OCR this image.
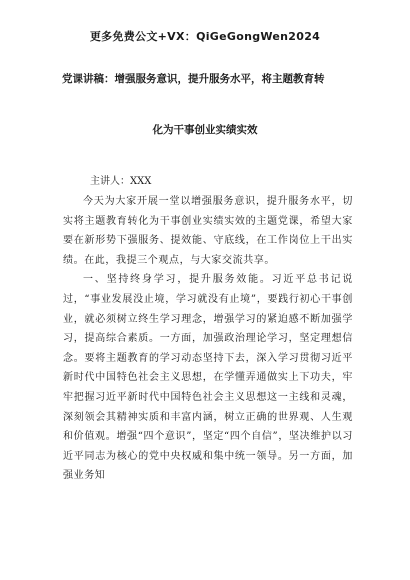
更多免费公文+VX：QiGeGongWen2024
党课讲稿：增强服务意识，提升服务水平，将主题教育转
化为干事创业实绩实效
主讲人：XXX

今天为大家开展一堂以增强服务意识，提升服务水平，切实将主题教育转化为干事创业实绩实效的主题党课，希望大家要在新形势下强服务、提效能、守底线，在工作岗位上干出实绩。在此，我提三个观点，与大家交流共享。

一、坚持终身学习，提升服务效能。习近平总书记说过，“事业发展没止境，学习就没有止境”，要践行初心干事创业，就必须树立终生学习理念，增强学习的紧迫感不断加强学习，提高综合素质。一方面，加强政治理论学习，坚定理想信念。要将主题教育的学习动态坚持下去，深入学习贯彻习近平新时代中国特色社会主义思想，在学懂弄通做实上下功夫，牢牢把握习近平新时代中国特色社会主义思想这一主线和灵魂，深刻领会其精神实质和丰富内涵，树立正确的世界观、人生观和价值观。增强“四个意识”，坚定“四个自信”，坚决维护以习近平同志为核心的党中央权威和集中统一领导。另一方面，加强业务知
